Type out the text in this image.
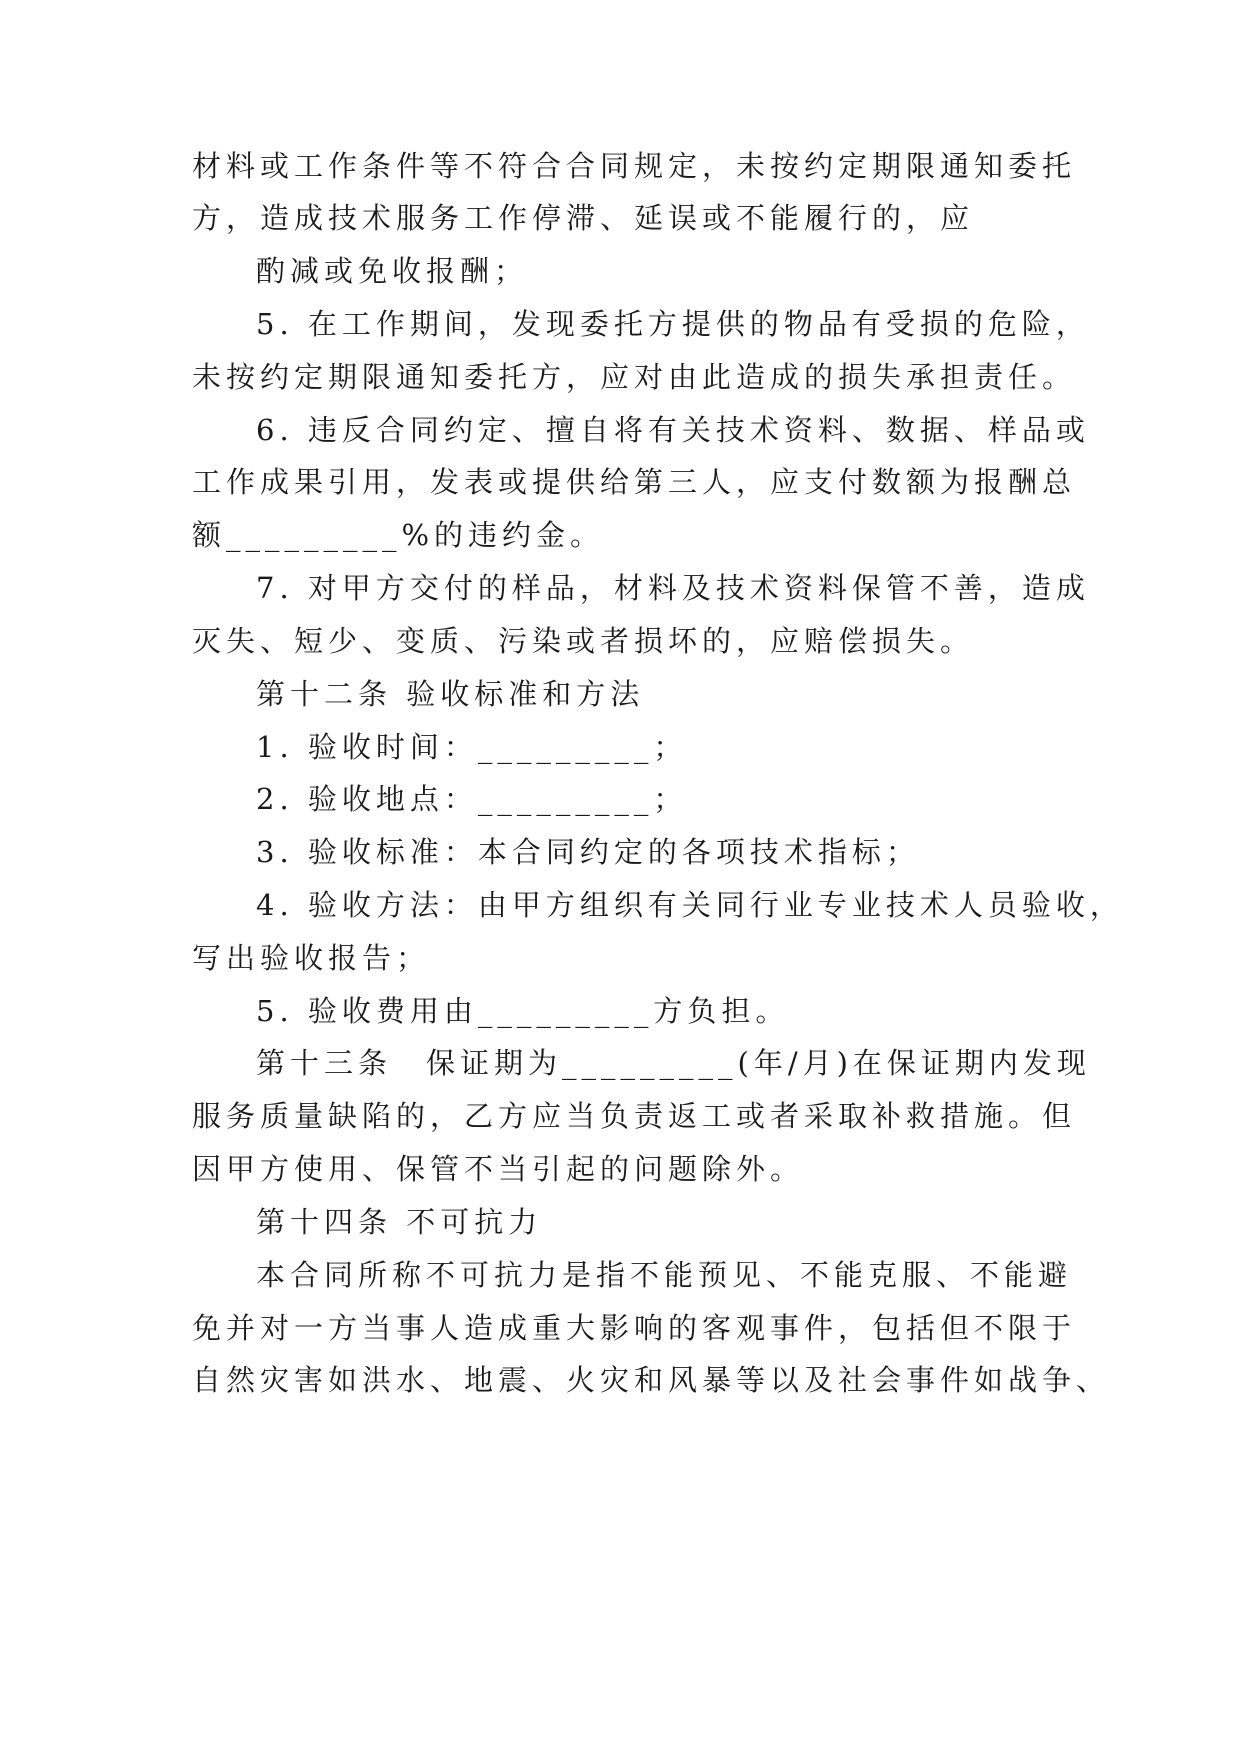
材料或工作条件等不符合合同规定，未按约定期限通知委托
方，造成技术服务工作停滞、延误或不能履行的，应
酌减或免收报酬；
5. 在工作期间，发现委托方提供的物品有受损的危险，
未按约定期限通知委托方，应对由此造成的损失承担责任。
6. 违反合同约定、擅自将有关技术资料、数据、样品或
工作成果引用，发表或提供给第三人，应支付数额为报酬总
额_________%的违约金。
7. 对甲方交付的样品，材料及技术资料保管不善，造成
灭失、短少、变质、污染或者损坏的，应赔偿损失。
第十二条 验收标准和方法
1. 验收时间：_________；
2. 验收地点：_________；
3. 验收标准：本合同约定的各项技术指标；
4. 验收方法：由甲方组织有关同行业专业技术人员验收，
写出验收报告；
5. 验收费用由_________方负担。
第十三条　保证期为_________(年/月)在保证期内发现
服务质量缺陷的，乙方应当负责返工或者采取补救措施。但
因甲方使用、保管不当引起的问题除外。
第十四条 不可抗力
本合同所称不可抗力是指不能预见、不能克服、不能避
免并对一方当事人造成重大影响的客观事件，包括但不限于
自然灾害如洪水、地震、火灾和风暴等以及社会事件如战争、
